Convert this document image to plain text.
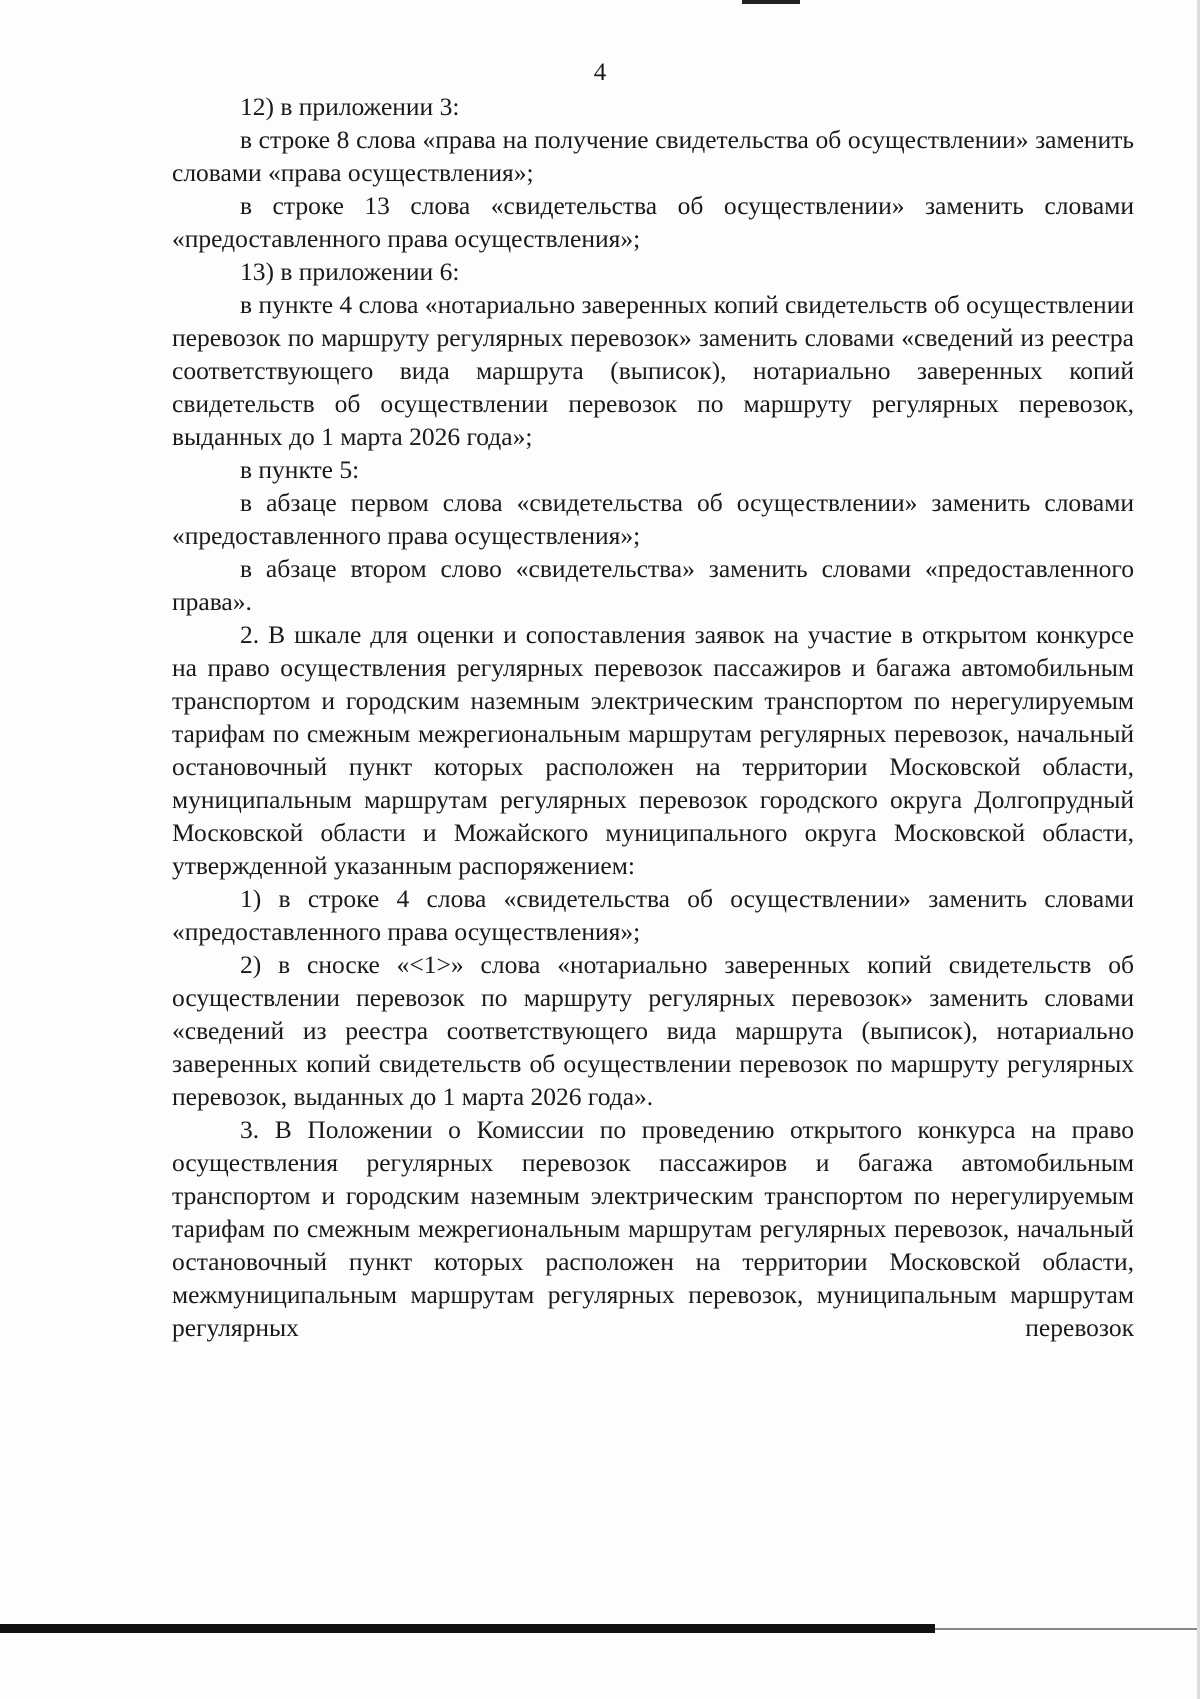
4

12) в приложении 3:

в строке 8 слова «права на получение свидетельства об осуществлении» заменить словами «права осуществления»;

в строке 13 слова «свидетельства об осуществлении» заменить словами «предоставленного права осуществления»;

13) в приложении 6:

в пункте 4 слова «нотариально заверенных копий свидетельств об осуществлении перевозок по маршруту регулярных перевозок» заменить словами «сведений из реестра соответствующего вида маршрута (выписок), нотариально заверенных копий свидетельств об осуществлении перевозок по маршруту регулярных перевозок, выданных до 1 марта 2026 года»;

в пункте 5:

в абзаце первом слова «свидетельства об осуществлении» заменить словами «предоставленного права осуществления»;

в абзаце втором слово «свидетельства» заменить словами «предоставленного права».

2. В шкале для оценки и сопоставления заявок на участие в открытом конкурсе на право осуществления регулярных перевозок пассажиров и багажа автомобильным транспортом и городским наземным электрическим транспортом по нерегулируемым тарифам по смежным межрегиональным маршрутам регулярных перевозок, начальный остановочный пункт которых расположен на территории Московской области, муниципальным маршрутам регулярных перевозок городского округа Долгопрудный Московской области и Можайского муниципального округа Московской области, утвержденной указанным распоряжением:

1) в строке 4 слова «свидетельства об осуществлении» заменить словами «предоставленного права осуществления»;

2) в сноске «<1>» слова «нотариально заверенных копий свидетельств об осуществлении перевозок по маршруту регулярных перевозок» заменить словами «сведений из реестра соответствующего вида маршрута (выписок), нотариально заверенных копий свидетельств об осуществлении перевозок по маршруту регулярных перевозок, выданных до 1 марта 2026 года».

3. В Положении о Комиссии по проведению открытого конкурса на право осуществления регулярных перевозок пассажиров и багажа автомобильным транспортом и городским наземным электрическим транспортом по нерегулируемым тарифам по смежным межрегиональным маршрутам регулярных перевозок, начальный остановочный пункт которых расположен на территории Московской области, межмуниципальным маршрутам регулярных перевозок, муниципальным маршрутам регулярных перевозок
